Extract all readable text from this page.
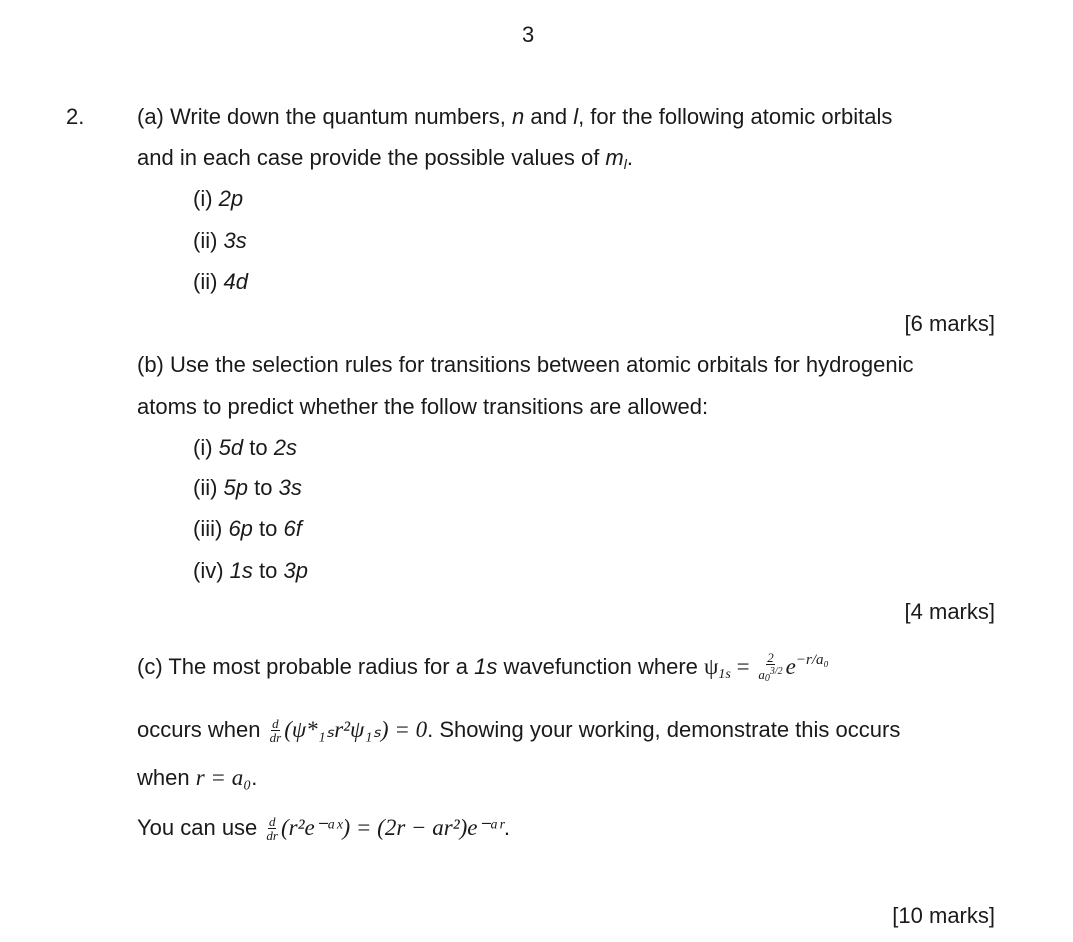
3
2. (a) Write down the quantum numbers, n and l, for the following atomic orbitals
and in each case provide the possible values of $m_l$.
(i) 2p
(ii) 3s
(ii) 4d
[6 marks]
(b) Use the selection rules for transitions between atomic orbitals for hydrogenic
atoms to predict whether the follow transitions are allowed:
(i) 5d to 2s
(ii) 5p to 3s
(iii) 6p to 6f
(iv) 1s to 3p
[4 marks]
(c) The most probable radius for a 1s wavefunction where $\psi_{1s} = \frac{2}{a0^{3/2}} e^{-r/a_0}$
occurs when $\frac{d}{dr} (\psi*_{1s}r^2\psi_{1s}) = 0$. Showing your working, demonstrate this occurs
when r = a₀.
You can use $\frac{d}{dr}$ (r²e⁻ᵃˣ) = (2r − ar²)e⁻ᵃʳ.
[10 marks]
